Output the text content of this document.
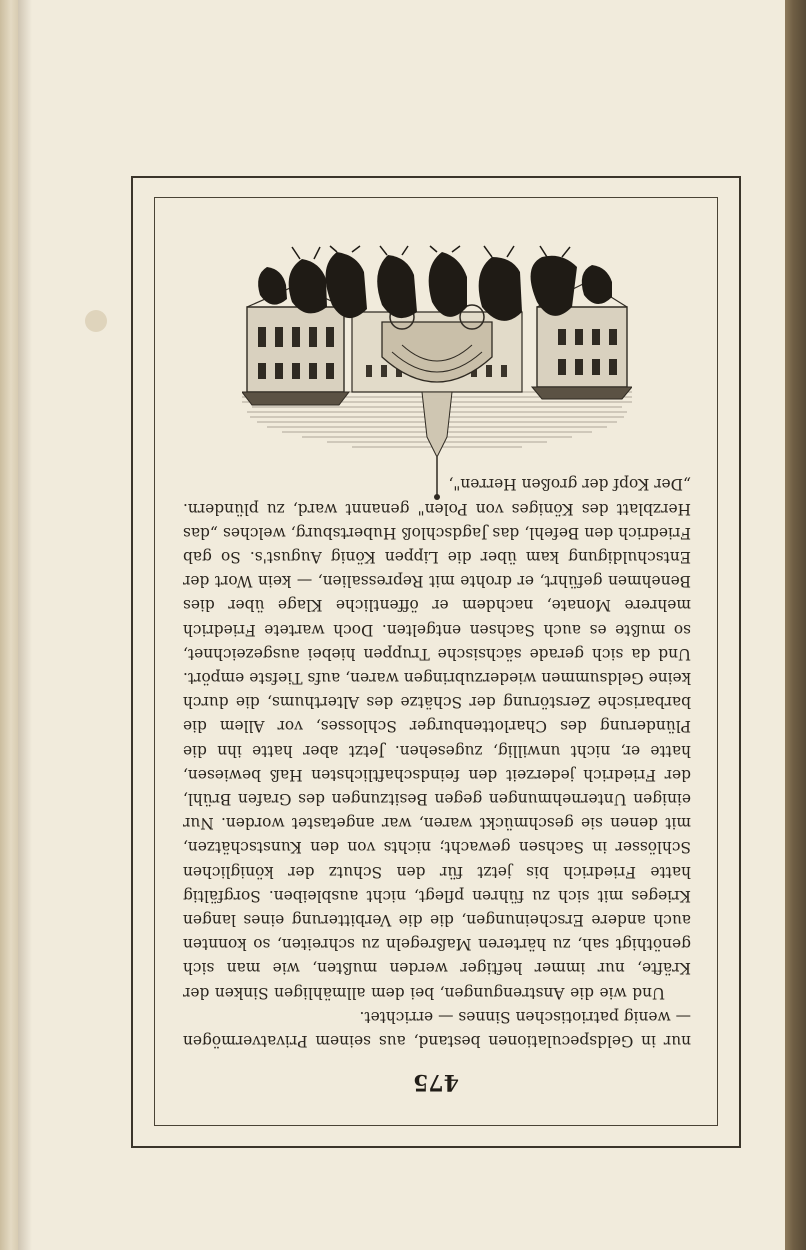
475

nur in Geldspeculationen bestand, aus seinem Privatvermögen — wenig patriotischen Sinnes — errichtet.

Und wie die Anstrengungen, bei dem allmähligen Sinken der Kräfte, nur immer heftiger werden mußten, wie man sich genöthigt sah, zu härteren Maßregeln zu schreiten, so konnten auch andere Erscheinungen, die die Verbitterung eines langen Krieges mit sich zu führen pflegt, nicht ausbleiben. Sorgfältig hatte Friedrich bis jetzt für den Schutz der königlichen Schlösser in Sachsen gewacht; nichts von den Kunstschätzen, mit denen sie geschmückt waren, war angetastet worden. Nur einigen Unternehmungen gegen Besitzungen des Grafen Brühl, der Friedrich jederzeit den feindschaftlichsten Haß bewiesen, hatte er, nicht unwillig, zugesehen. Jetzt aber hatte ihn die Plünderung des Charlottenburger Schlosses, vor Allem die barbarische Zerstörung der Schätze des Alterthums, die durch keine Geldsummen wiederzubringen waren, aufs Tiefste empört. Und da sich gerade sächsische Truppen hiebei ausgezeichnet, so mußte es auch Sachsen entgelten. Doch wartete Friedrich mehrere Monate, nachdem er öffentliche Klage über dies Benehmen geführt, er drohte mit Repressalien, — kein Wort der Entschuldigung kam über die Lippen König August's. So gab Friedrich den Befehl, das Jagdschloß Hubertsburg, welches „das Herzblatt des Königes von Polen" genannt ward, zu plündern. „Der Kopf der großen Herren",
